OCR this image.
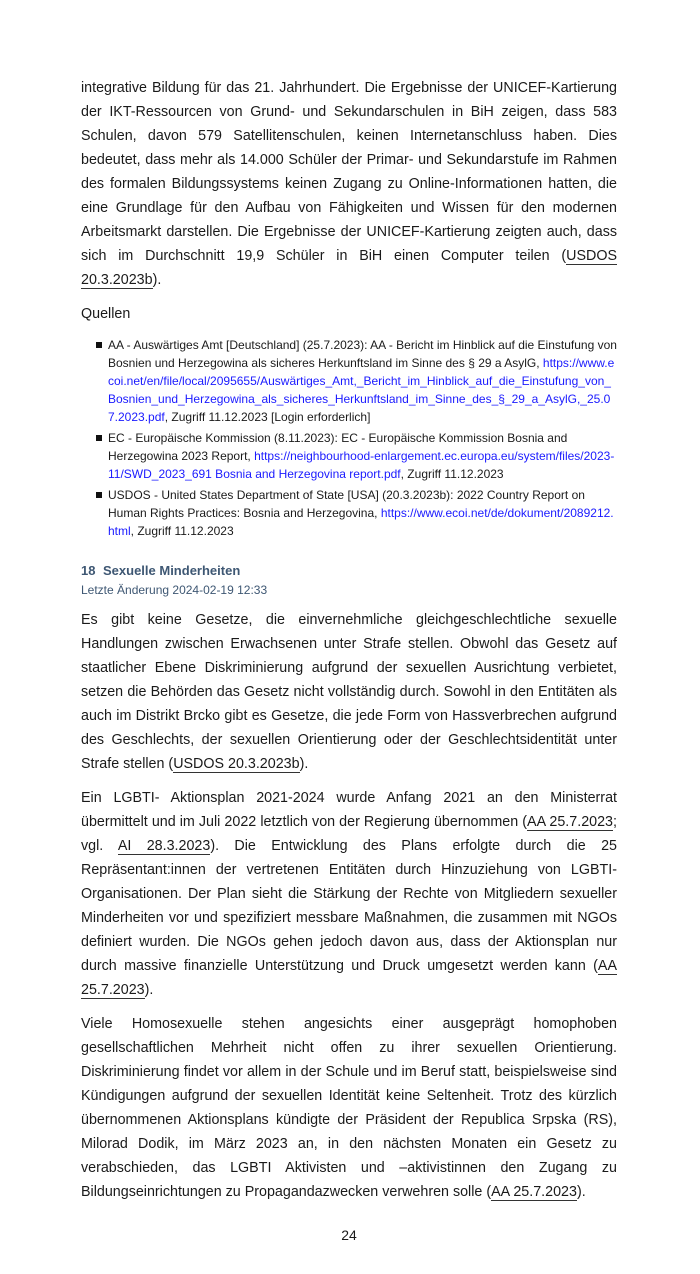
integrative Bildung für das 21. Jahrhundert. Die Ergebnisse der UNICEF-Kartierung der IKT-Ressourcen von Grund- und Sekundarschulen in BiH zeigen, dass 583 Schulen, davon 579 Satellitenschulen, keinen Internetanschluss haben. Dies bedeutet, dass mehr als 14.000 Schüler der Primar- und Sekundarstufe im Rahmen des formalen Bildungssystems keinen Zugang zu Online-Informationen hatten, die eine Grundlage für den Aufbau von Fähigkeiten und Wissen für den modernen Arbeitsmarkt darstellen. Die Ergebnisse der UNICEF-Kartierung zeigten auch, dass sich im Durchschnitt 19,9 Schüler in BiH einen Computer teilen (USDOS 20.3.2023b).

Quellen
AA - Auswärtiges Amt [Deutschland] (25.7.2023): AA - Bericht im Hinblick auf die Einstufung von Bosnien und Herzegowina als sicheres Herkunftsland im Sinne des § 29 a AsylG, https://www.ecoi.net/en/file/local/2095655/Auswärtiges_Amt,_Bericht_im_Hinblick_auf_die_Einstufung_von_Bosnien_und_Herzegowina_als_sicheres_Herkunftsland_im_Sinne_des_§_29_a_AsylG,_25.07.2023.pdf, Zugriff 11.12.2023 [Login erforderlich]
EC - Europäische Kommission (8.11.2023): EC - Europäische Kommission Bosnia and Herzegowina 2023 Report, https://neighbourhood-enlargement.ec.europa.eu/system/files/2023-11/SWD_2023_691 Bosnia and Herzegovina report.pdf, Zugriff 11.12.2023
USDOS - United States Department of State [USA] (20.3.2023b): 2022 Country Report on Human Rights Practices: Bosnia and Herzegovina, https://www.ecoi.net/de/dokument/2089212.html, Zugriff 11.12.2023
18 Sexuelle Minderheiten
Letzte Änderung 2024-02-19 12:33

Es gibt keine Gesetze, die einvernehmliche gleichgeschlechtliche sexuelle Handlungen zwischen Erwachsenen unter Strafe stellen. Obwohl das Gesetz auf staatlicher Ebene Diskriminierung aufgrund der sexuellen Ausrichtung verbietet, setzen die Behörden das Gesetz nicht vollständig durch. Sowohl in den Entitäten als auch im Distrikt Brcko gibt es Gesetze, die jede Form von Hassverbrechen aufgrund des Geschlechts, der sexuellen Orientierung oder der Geschlechtsidentität unter Strafe stellen (USDOS 20.3.2023b).

Ein LGBTI- Aktionsplan 2021-2024 wurde Anfang 2021 an den Ministerrat übermittelt und im Juli 2022 letztlich von der Regierung übernommen (AA 25.7.2023; vgl. AI 28.3.2023). Die Entwicklung des Plans erfolgte durch die 25 Repräsentant:innen der vertretenen Entitäten durch Hinzuziehung von LGBTI-Organisationen. Der Plan sieht die Stärkung der Rechte von Mitgliedern sexueller Minderheiten vor und spezifiziert messbare Maßnahmen, die zusammen mit NGOs definiert wurden. Die NGOs gehen jedoch davon aus, dass der Aktionsplan nur durch massive finanzielle Unterstützung und Druck umgesetzt werden kann (AA 25.7.2023).

Viele Homosexuelle stehen angesichts einer ausgeprägt homophoben gesellschaftlichen Mehrheit nicht offen zu ihrer sexuellen Orientierung. Diskriminierung findet vor allem in der Schule und im Beruf statt, beispielsweise sind Kündigungen aufgrund der sexuellen Identität keine Seltenheit. Trotz des kürzlich übernommenen Aktionsplans kündigte der Präsident der Republica Srpska (RS), Milorad Dodik, im März 2023 an, in den nächsten Monaten ein Gesetz zu verabschieden, das LGBTI Aktivisten und –aktivistinnen den Zugang zu Bildungseinrichtungen zu Propagandazwecken verwehren solle (AA 25.7.2023).

24
